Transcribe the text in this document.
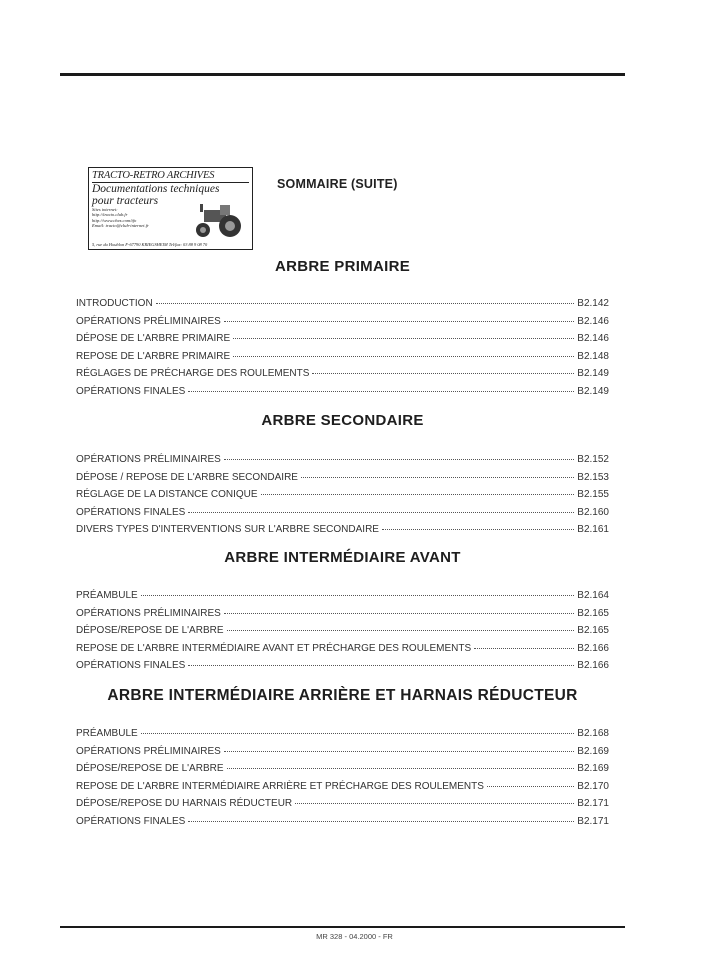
TRACTO-RETRO ARCHIVES
Documentations techniques
pour tracteurs
Sites internet:
http://tracto.club.fr
http://www.chez.com/tfo
Email: tracto@club-internet.fr
5, rue du Houblon F-67790 KRIEGSHEIM Tel/fax: 03 88 9 08 70
SOMMAIRE (SUITE)
ARBRE PRIMAIRE
INTRODUCTION	B2.142
OPÉRATIONS PRÉLIMINAIRES	B2.146
DÉPOSE DE L'ARBRE PRIMAIRE	B2.146
REPOSE DE L'ARBRE PRIMAIRE	B2.148
RÉGLAGES DE PRÉCHARGE DES ROULEMENTS	B2.149
OPÉRATIONS FINALES	B2.149
ARBRE SECONDAIRE
OPÉRATIONS PRÉLIMINAIRES	B2.152
DÉPOSE / REPOSE DE L'ARBRE SECONDAIRE	B2.153
RÉGLAGE DE LA DISTANCE CONIQUE	B2.155
OPÉRATIONS FINALES	B2.160
DIVERS TYPES D'INTERVENTIONS SUR L'ARBRE SECONDAIRE	B2.161
ARBRE INTERMÉDIAIRE AVANT
PRÉAMBULE	B2.164
OPÉRATIONS PRÉLIMINAIRES	B2.165
DÉPOSE/REPOSE DE L'ARBRE	B2.165
REPOSE DE L'ARBRE INTERMÉDIAIRE AVANT ET PRÉCHARGE DES ROULEMENTS	B2.166
OPÉRATIONS FINALES	B2.166
ARBRE INTERMÉDIAIRE ARRIÈRE ET HARNAIS RÉDUCTEUR
PRÉAMBULE	B2.168
OPÉRATIONS PRÉLIMINAIRES	B2.169
DÉPOSE/REPOSE DE L'ARBRE	B2.169
REPOSE DE L'ARBRE INTERMÉDIAIRE ARRIÈRE ET PRÉCHARGE DES ROULEMENTS	B2.170
DÉPOSE/REPOSE DU HARNAIS RÉDUCTEUR	B2.171
OPÉRATIONS FINALES	B2.171
MR 328 - 04.2000 - FR
